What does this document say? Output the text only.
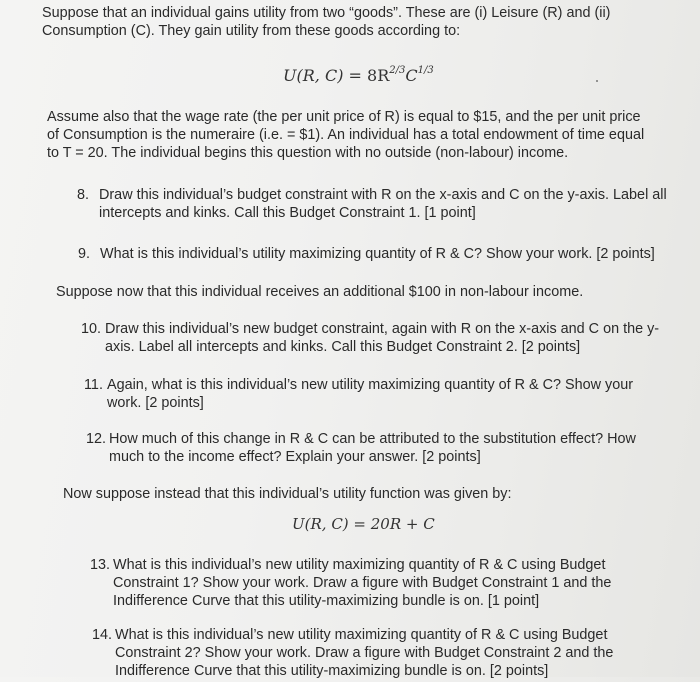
Suppose that an individual gains utility from two “goods”. These are (i) Leisure (R) and (ii)
Consumption (C). They gain utility from these goods according to:
U(R, $C) = 8R^{2/3}C^{1/3}$
Assume also that the wage rate (the per unit price of R) is equal to $15, and the per unit price
of Consumption is the numeraire (i.e. = $1). An individual has a total endowment of time equal
to T = 20. The individual begins this question with no outside (non-labour) income.
8. Draw this individual’s budget constraint with R on the x-axis and C on the y-axis. Label all
intercepts and kinks. Call this Budget Constraint 1. [1 point]
9. What is this individual’s utility maximizing quantity of R & C? Show your work. [2 points]
Suppose now that this individual receives an additional $100 in non-labour income.
10. Draw this individual’s new budget constraint, again with R on the x-axis and C on the y-
axis. Label all intercepts and kinks. Call this Budget Constraint 2. [2 points]
11. Again, what is this individual’s new utility maximizing quantity of R & C? Show your
work. [2 points]
12. How much of this change in R & C can be attributed to the substitution effect? How
much to the income effect? Explain your answer. [2 points]
Now suppose instead that this individual’s utility function was given by:
U(R, C) = 20R + C
13. What is this individual’s new utility maximizing quantity of R & C using Budget
Constraint 1? Show your work. Draw a figure with Budget Constraint 1 and the
Indifference Curve that this utility-maximizing bundle is on. [1 point]
14. What is this individual’s new utility maximizing quantity of R & C using Budget
Constraint 2? Show your work. Draw a figure with Budget Constraint 2 and the
Indifference Curve that this utility-maximizing bundle is on. [2 points]
